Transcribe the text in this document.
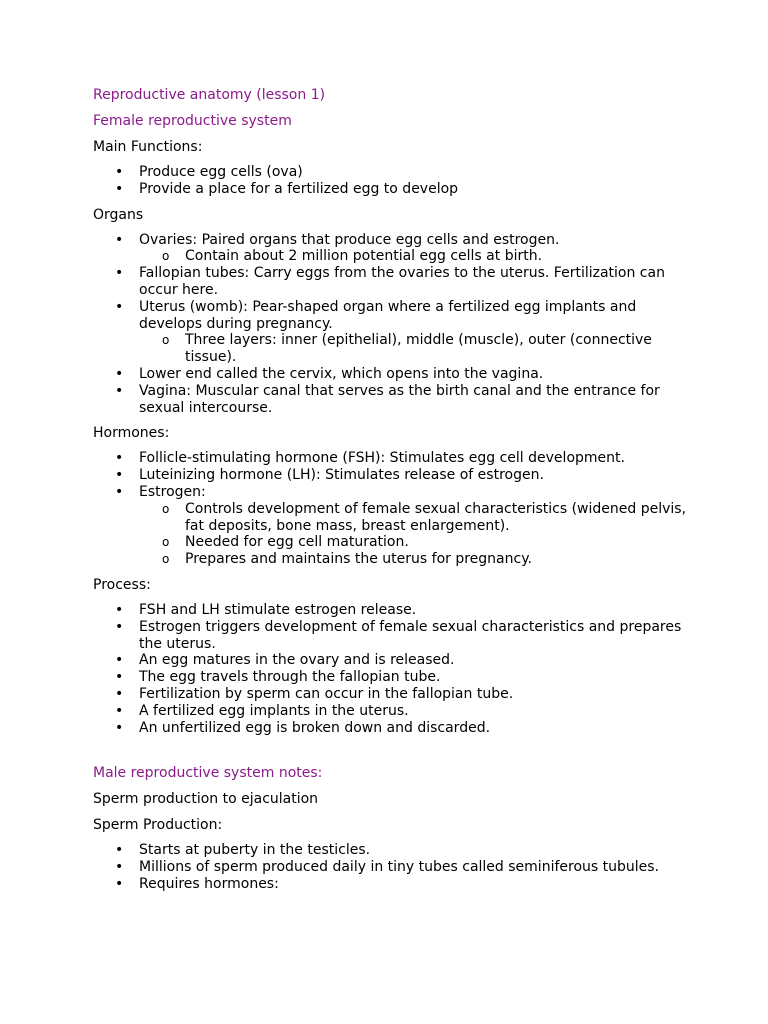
Reproductive anatomy (lesson 1)
Female reproductive system
Main Functions:
• Produce egg cells (ova)
• Provide a place for a fertilized egg to develop
Organs
• Ovaries: Paired organs that produce egg cells and estrogen.
o Contain about 2 million potential egg cells at birth.
• Fallopian tubes: Carry eggs from the ovaries to the uterus. Fertilization can occur here.
• Uterus (womb): Pear-shaped organ where a fertilized egg implants and develops during pregnancy.
o Three layers: inner (epithelial), middle (muscle), outer (connective tissue).
• Lower end called the cervix, which opens into the vagina.
• Vagina: Muscular canal that serves as the birth canal and the entrance for sexual intercourse.
Hormones:
• Follicle-stimulating hormone (FSH): Stimulates egg cell development.
• Luteinizing hormone (LH): Stimulates release of estrogen.
• Estrogen:
o Controls development of female sexual characteristics (widened pelvis, fat deposits, bone mass, breast enlargement).
o Needed for egg cell maturation.
o Prepares and maintains the uterus for pregnancy.
Process:
• FSH and LH stimulate estrogen release.
• Estrogen triggers development of female sexual characteristics and prepares the uterus.
• An egg matures in the ovary and is released.
• The egg travels through the fallopian tube.
• Fertilization by sperm can occur in the fallopian tube.
• A fertilized egg implants in the uterus.
• An unfertilized egg is broken down and discarded.
Male reproductive system notes:
Sperm production to ejaculation
Sperm Production:
• Starts at puberty in the testicles.
• Millions of sperm produced daily in tiny tubes called seminiferous tubules.
• Requires hormones:
